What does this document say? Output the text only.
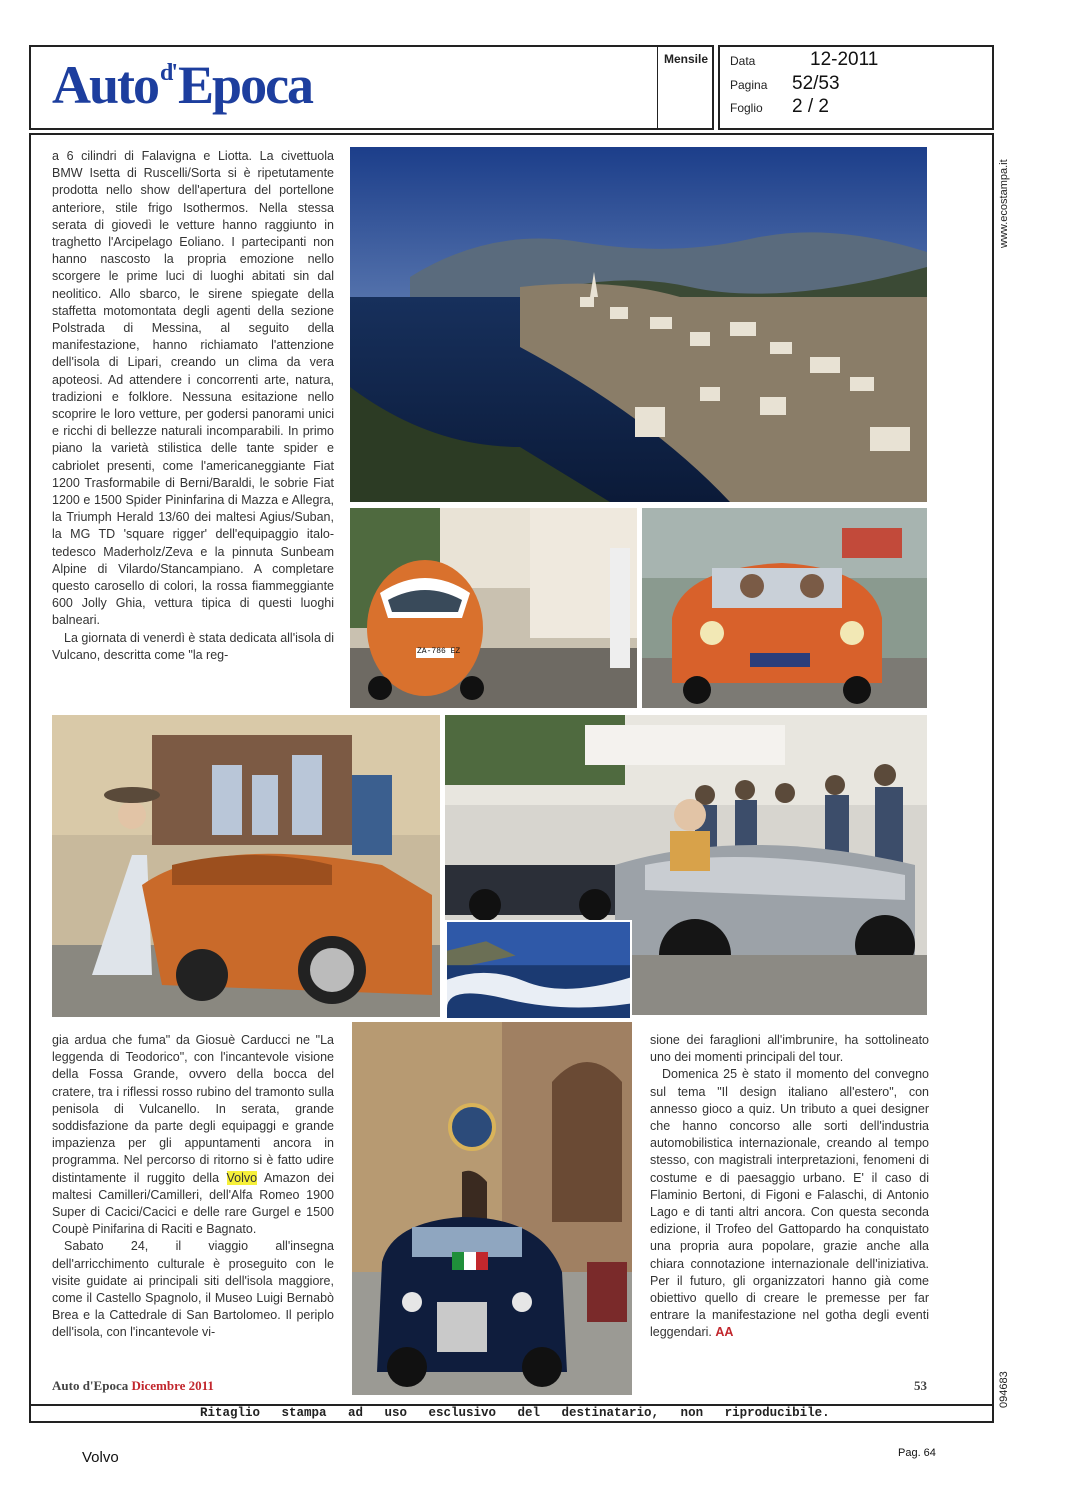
Auto$^{d'}$Epoca	Mensile Data	12-2011
Pagina 52/53
Foglio 2 / 2
www.ecostampa.it
094683

a 6 cilindri di Falavigna e Liotta. La civettuola BMW Isetta di Ruscelli/Sorta si è ripetutamente prodotta nello show dell'apertura del portellone anteriore, stile frigo Isothermos. Nella stessa serata di giovedì le vetture hanno raggiunto in traghetto l'Arcipelago Eoliano. I partecipanti non hanno nascosto la propria emozione nello scorgere le prime luci di luoghi abitati sin dal neolitico. Allo sbarco, le sirene spiegate della staffetta motomontata degli agenti della sezione Polstrada di Messina, al seguito della manifestazione, hanno richiamato l'attenzione dell'isola di Lipari, creando un clima da vera apoteosi. Ad attendere i concorrenti arte, natura, tradizioni e folklore. Nessuna esitazione nello scoprire le loro vetture, per godersi panorami unici e ricchi di bellezze naturali incomparabili. In primo piano la varietà stilistica delle tante spider e cabriolet presenti, come l'americaneggiante Fiat 1200 Trasformabile di Berni/Baraldi, le sobrie Fiat 1200 e 1500 Spider Pininfarina di Mazza e Allegra, la Triumph Herald 13/60 dei maltesi Agius/Suban, la MG TD 'square rigger' dell'equipaggio italo-tedesco Maderholz/Zeva e la pinnuta Sunbeam Alpine di Vilardo/Stancampiano. A completare questo carosello di colori, la rossa fiammeggiante 600 Jolly Ghia, vettura tipica di questi luoghi balneari.

La giornata di venerdì è stata dedicata all'isola di Vulcano, descritta come "la reg-	ZA-786 EZ

gia ardua che fuma" da Giosuè Carducci ne "La leggenda di Teodorico", con l'incantevole visione della Fossa Grande, ovvero della bocca del cratere, tra i riflessi rosso rubino del tramonto sulla penisola di Vulcanello. In serata, grande soddisfazione da parte degli equipaggi e grande impazienza per gli appuntamenti ancora in programma. Nel percorso di ritorno si è fatto udire distintamente il ruggito della Volvo Amazon dei maltesi Camilleri/Camilleri, dell'Alfa Romeo 1900 Super di Cacici/Cacici e delle rare Gurgel e 1500 Coupè Pinifarina di Raciti e Bagnato.

Sabato 24, il viaggio all'insegna dell'arricchimento culturale è proseguito con le visite guidate ai principali siti dell'isola maggiore, come il Castello Spagnolo, il Museo Luigi Bernabò Brea e la Cattedrale di San Bartolomeo. Il periplo dell'isola, con l'incantevole vi-

sione dei faraglioni all'imbrunire, ha sottolineato uno dei momenti principali del tour.

Domenica 25 è stato il momento del convegno sul tema "Il design italiano all'estero", con annesso gioco a quiz. Un tributo a quei designer che hanno concorso alle sorti dell'industria automobilistica internazionale, creando al tempo stesso, con magistrali interpretazioni, fenomeni di costume e di paesaggio urbano. E' il caso di Flaminio Bertoni, di Figoni e Falaschi, di Antonio Lago e di tanti altri ancora. Con questa seconda edizione, il Trofeo del Gattopardo ha conquistato una propria aura popolare, grazie anche alla chiara connotazione internazionale dell'iniziativa. Per il futuro, gli organizzatori hanno già come obiettivo quello di creare le premesse per far entrare la manifestazione nel gotha degli eventi leggendari. AA

Auto d'Epoca Dicembre 2011	53
Ritaglio stampa ad uso esclusivo del destinatario, non riproducibile.
Volvo	Pag. 64
